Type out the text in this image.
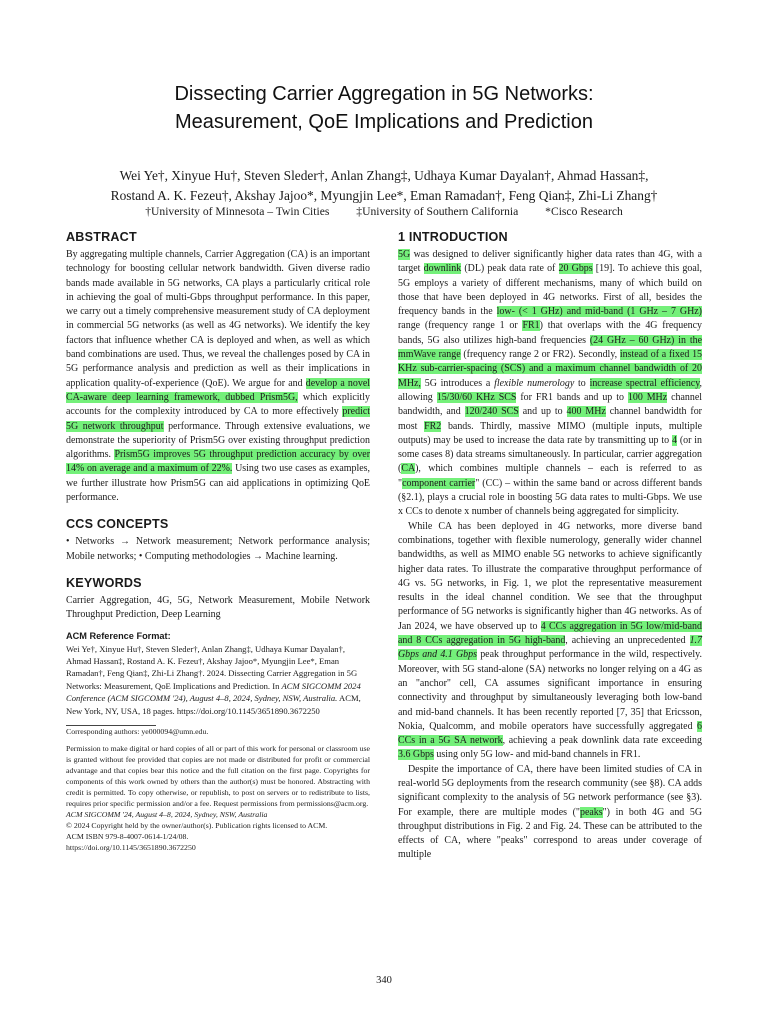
Dissecting Carrier Aggregation in 5G Networks:
Measurement, QoE Implications and Prediction
Wei Ye†, Xinyue Hu†, Steven Sleder†, Anlan Zhang‡, Udhaya Kumar Dayalan†, Ahmad Hassan‡,
Rostand A. K. Fezeu†, Akshay Jajoo*, Myungjin Lee*, Eman Ramadan†, Feng Qian‡, Zhi-Li Zhang†
†University of Minnesota – Twin Cities ‡University of Southern California *Cisco Research
ABSTRACT

By aggregating multiple channels, Carrier Aggregation (CA) is an important technology for boosting cellular network bandwidth. Given diverse radio bands made available in 5G networks, CA plays a particularly critical role in achieving the goal of multi-Gbps throughput performance. In this paper, we carry out a timely comprehensive measurement study of CA deployment in commercial 5G networks (as well as 4G networks). We identify the key factors that influence whether CA is deployed and when, as well as which band combinations are used. Thus, we reveal the challenges posed by CA in 5G performance analysis and prediction as well as their implications in application quality-of-experience (QoE). We argue for and develop a novel CA-aware deep learning framework, dubbed Prism5G, which explicitly accounts for the complexity introduced by CA to more effectively predict 5G network throughput performance. Through extensive evaluations, we demonstrate the superiority of Prism5G over existing throughput prediction algorithms. Prism5G improves 5G throughput prediction accuracy by over 14% on average and a maximum of 22%. Using two use cases as examples, we further illustrate how Prism5G can aid applications in optimizing QoE performance.

CCS CONCEPTS

• Networks → Network measurement; Network performance analysis; Mobile networks; • Computing methodologies → Machine learning.

KEYWORDS

Carrier Aggregation, 4G, 5G, Network Measurement, Mobile Network Throughput Prediction, Deep Learning

ACM Reference Format:

Wei Ye†, Xinyue Hu†, Steven Sleder†, Anlan Zhang‡, Udhaya Kumar Dayalan†, Ahmad Hassan‡, Rostand A. K. Fezeu†, Akshay Jajoo*, Myungjin Lee*, Eman Ramadan†, Feng Qian‡, Zhi-Li Zhang†. 2024. Dissecting Carrier Aggregation in 5G Networks: Measurement, QoE Implications and Prediction. In ACM SIGCOMM 2024 Conference (ACM SIGCOMM '24), August 4–8, 2024, Sydney, NSW, Australia. ACM, New York, NY, USA, 18 pages. https://doi.org/10.1145/3651890.3672250

Corresponding authors: ye000094@umn.edu.

Permission to make digital or hard copies of all or part of this work for personal or classroom use is granted without fee provided that copies are not made or distributed for profit or commercial advantage and that copies bear this notice and the full citation on the first page. Copyrights for components of this work owned by others than the author(s) must be honored. Abstracting with credit is permitted. To copy otherwise, or republish, to post on servers or to redistribute to lists, requires prior specific permission and/or a fee. Request permissions from permissions@acm.org.

ACM SIGCOMM '24, August 4–8, 2024, Sydney, NSW, Australia

© 2024 Copyright held by the owner/author(s). Publication rights licensed to ACM.

ACM ISBN 979-8-4007-0614-1/24/08.

https://doi.org/10.1145/3651890.3672250

1 INTRODUCTION

5G was designed to deliver significantly higher data rates than 4G, with a target downlink (DL) peak data rate of 20 Gbps [19]. To achieve this goal, 5G employs a variety of different mechanisms, many of which build on those that have been deployed in 4G networks. First of all, besides the frequency bands in the low- (< 1 GHz) and mid-band (1 GHz – 7 GHz) range (frequency range 1 or FR1) that overlaps with the 4G frequency bands, 5G also utilizes high-band frequencies (24 GHz – 60 GHz) in the mmWave range (frequency range 2 or FR2). Secondly, instead of a fixed 15 KHz sub-carrier-spacing (SCS) and a maximum channel bandwidth of 20 MHz, 5G introduces a flexible numerology to increase spectral efficiency, allowing 15/30/60 KHz SCS for FR1 bands and up to 100 MHz channel bandwidth, and 120/240 SCS and up to 400 MHz channel bandwidth for most FR2 bands. Thirdly, massive MIMO (multiple inputs, multiple outputs) may be used to increase the data rate by transmitting up to 4 (or in some cases 8) data streams simultaneously. In particular, carrier aggregation (CA), which combines multiple channels – each is referred to as "component carrier" (CC) – within the same band or across different bands (§2.1), plays a crucial role in boosting 5G data rates to multi-Gbps. We use x CCs to denote x number of channels being aggregated for simplicity.

While CA has been deployed in 4G networks, more diverse band combinations, together with flexible numerology, generally wider channel bandwidths, as well as MIMO enable 5G networks to achieve significantly higher data rates. To illustrate the comparative throughput performance of 4G vs. 5G networks, in Fig. 1, we plot the representative measurement results in the ideal channel condition. We see that the throughput performance of 5G networks is significantly higher than 4G networks. As of Jan 2024, we have observed up to 4 CCs aggregation in 5G low/mid-band and 8 CCs aggregation in 5G high-band, achieving an unprecedented 1.7 Gbps and 4.1 Gbps peak throughput performance in the wild, respectively. Moreover, with 5G stand-alone (SA) networks no longer relying on a 4G as an "anchor" cell, CA assumes significant importance in ensuring connectivity and throughput by simultaneously leveraging both low-band and mid-band channels. It has been recently reported [7, 35] that Ericsson, Nokia, Qualcomm, and mobile operators have successfully aggregated 6 CCs in a 5G SA network, achieving a peak downlink data rate exceeding 3.6 Gbps using only 5G low- and mid-band channels in FR1.

Despite the importance of CA, there have been limited studies of CA in real-world 5G deployments from the research community (see §8). CA adds significant complexity to the analysis of 5G network performance (see §3). For example, there are multiple modes ("peaks") in both 4G and 5G throughput distributions in Fig. 2 and Fig. 24. These can be attributed to the effects of CA, where "peaks" correspond to areas under coverage of multiple

340
